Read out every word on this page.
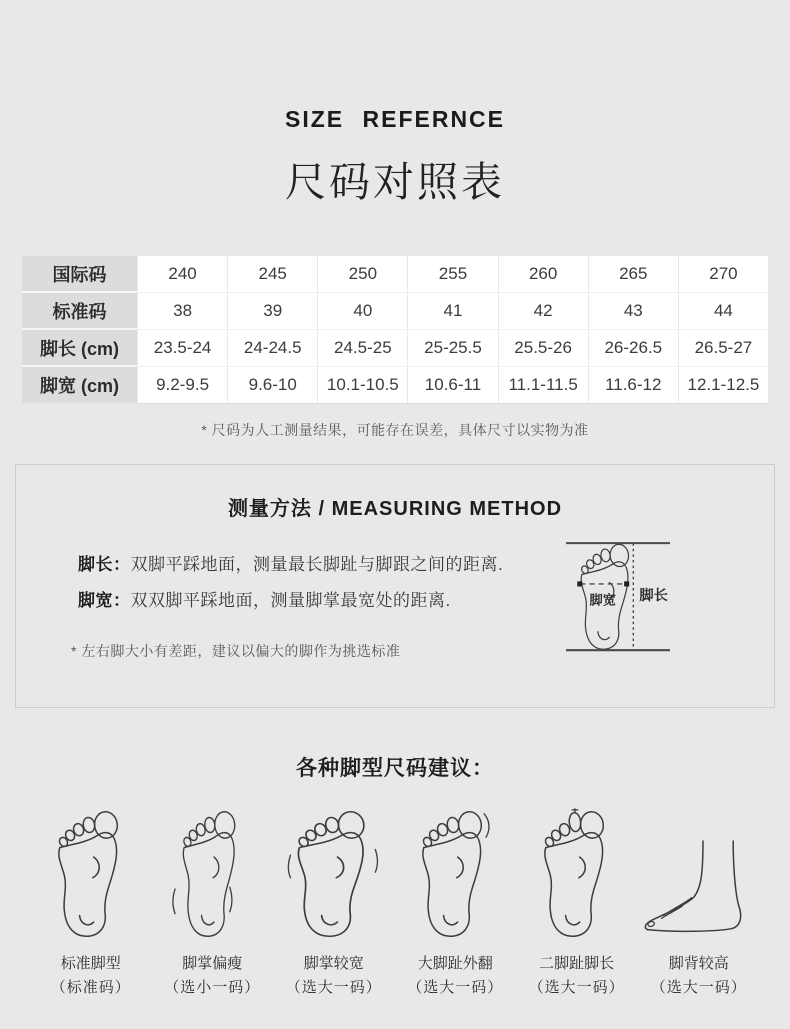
SIZE REFERNCE
尺码对照表
国际码	240	245	250	255	260	265	270
标准码	38	39	40	41	42	43	44
脚长 (cm)	23.5-24	24-24.5	24.5-25	25-25.5	25.5-26	26-26.5	26.5-27
脚宽 (cm)	9.2-9.5	9.6-10	10.1-10.5	10.6-11	11.1-11.5	11.6-12	12.1-12.5
* 尺码为人工测量结果，可能存在误差，具体尺寸以实物为准
测量方法 / MEASURING METHOD
脚长：双脚平踩地面，测量最长脚趾与脚跟之间的距离.
脚宽：双双脚平踩地面，测量脚掌最宽处的距离.
* 左右脚大小有差距，建议以偏大的脚作为挑选标准
脚宽 脚长
各种脚型尺码建议：
标准脚型
（标准码）
脚掌偏瘦
（选小一码）
脚掌较宽
（选大一码）
大脚趾外翻
（选大一码）
二脚趾脚长
（选大一码）
脚背较高
（选大一码）
